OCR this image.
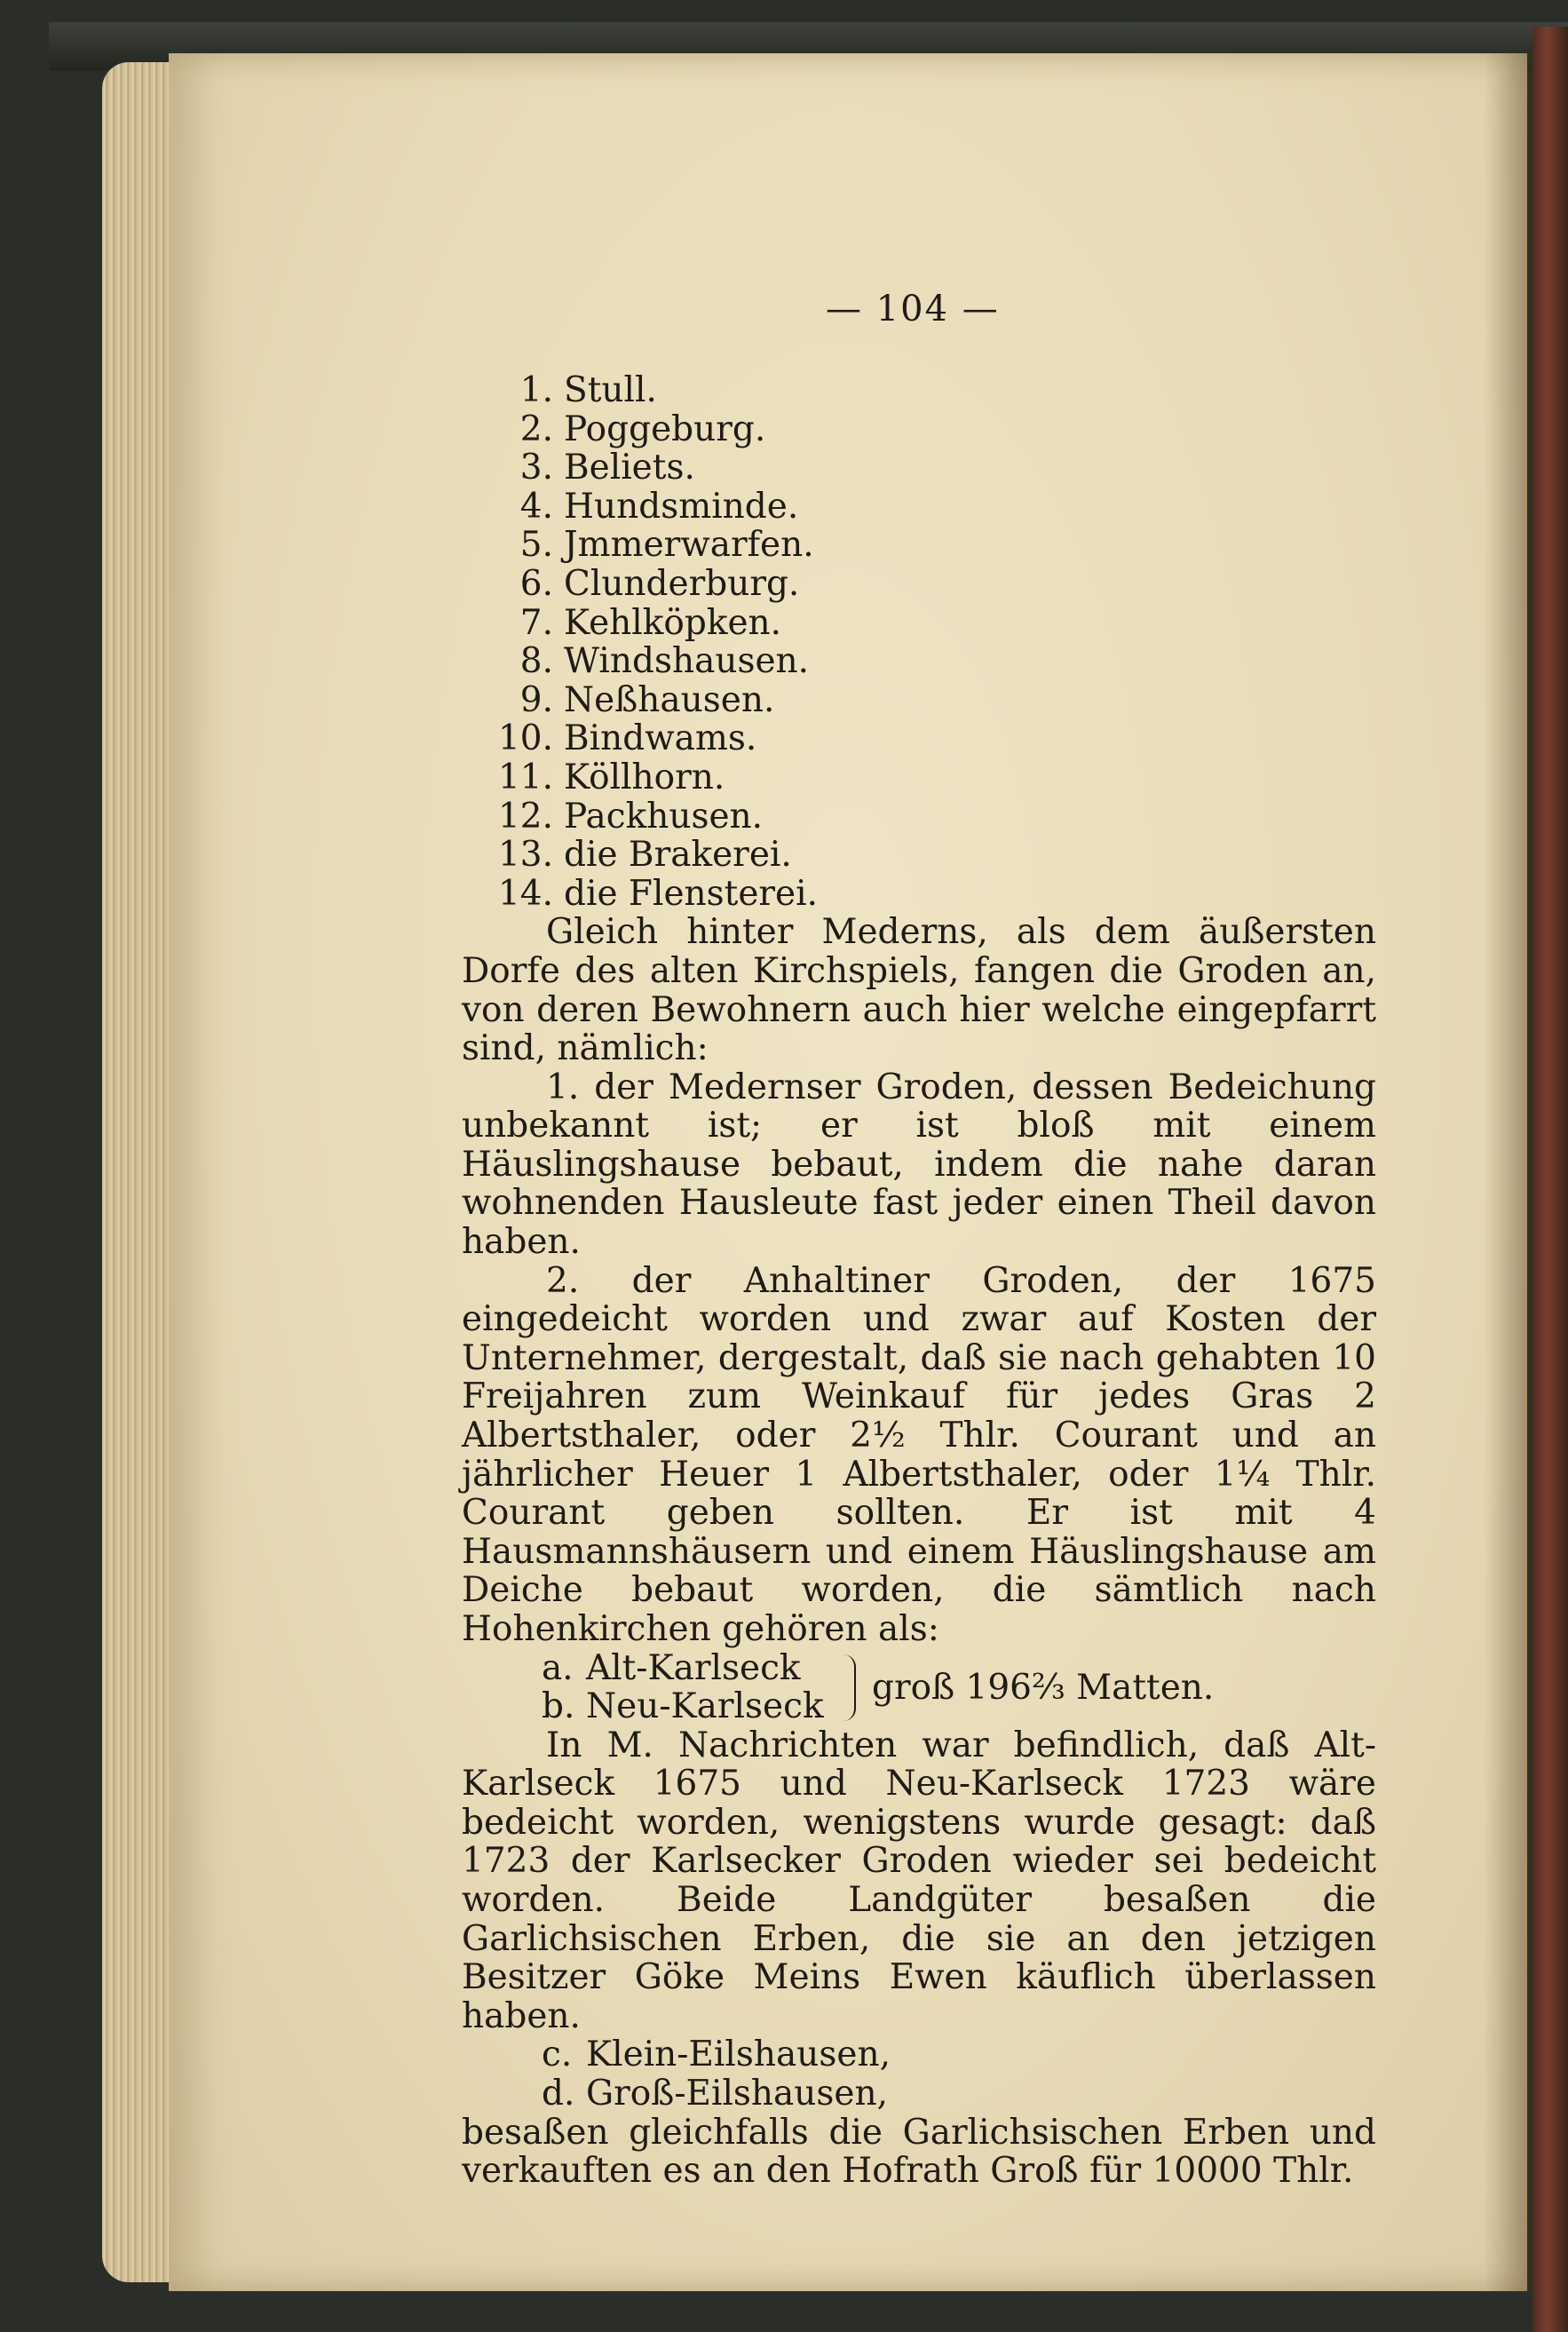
— 104 —
1. Stull.
2. Poggeburg.
3. Beliets.
4. Hundsminde.
5. Jmmerwarfen.
6. Clunderburg.
7. Kehlköpken.
8. Windshausen.
9. Neßhausen.
10. Bindwams.
11. Köllhorn.
12. Packhusen.
13. die Brakerei.
14. die Flensterei.

Gleich hinter Mederns, als dem äußersten Dorfe des alten Kirchspiels, fangen die Groden an, von deren Bewohnern auch hier welche eingepfarrt sind, nämlich:

1. der Medernser Groden, dessen Bedeichung unbekannt ist; er ist bloß mit einem Häuslingshause bebaut, indem die nahe daran wohnenden Hausleute fast jeder einen Theil davon haben.

2. der Anhaltiner Groden, der 1675 eingedeicht worden und zwar auf Kosten der Unternehmer, dergestalt, daß sie nach gehabten 10 Freijahren zum Weinkauf für jedes Gras 2 Albertsthaler, oder 2½ Thlr. Courant und an jährlicher Heuer 1 Albertsthaler, oder 1¼ Thlr. Courant geben sollten. Er ist mit 4 Hausmannshäusern und einem Häuslingshause am Deiche bebaut worden, die sämtlich nach Hohenkirchen gehören als:

a. Alt-Karlseck
b. Neu-Karlseck groß 196⅔ Matten.

In M. Nachrichten war befindlich, daß Alt-Karlseck 1675 und Neu-Karlseck 1723 wäre bedeicht worden, wenigstens wurde gesagt: daß 1723 der Karlsecker Groden wieder sei bedeicht worden. Beide Landgüter besaßen die Garlichsischen Erben, die sie an den jetzigen Besitzer Göke Meins Ewen käuflich überlassen haben.

c. Klein-Eilshausen,
d. Groß-Eilshausen,

besaßen gleichfalls die Garlichsischen Erben und verkauften es an den Hofrath Groß für 10000 Thlr.
